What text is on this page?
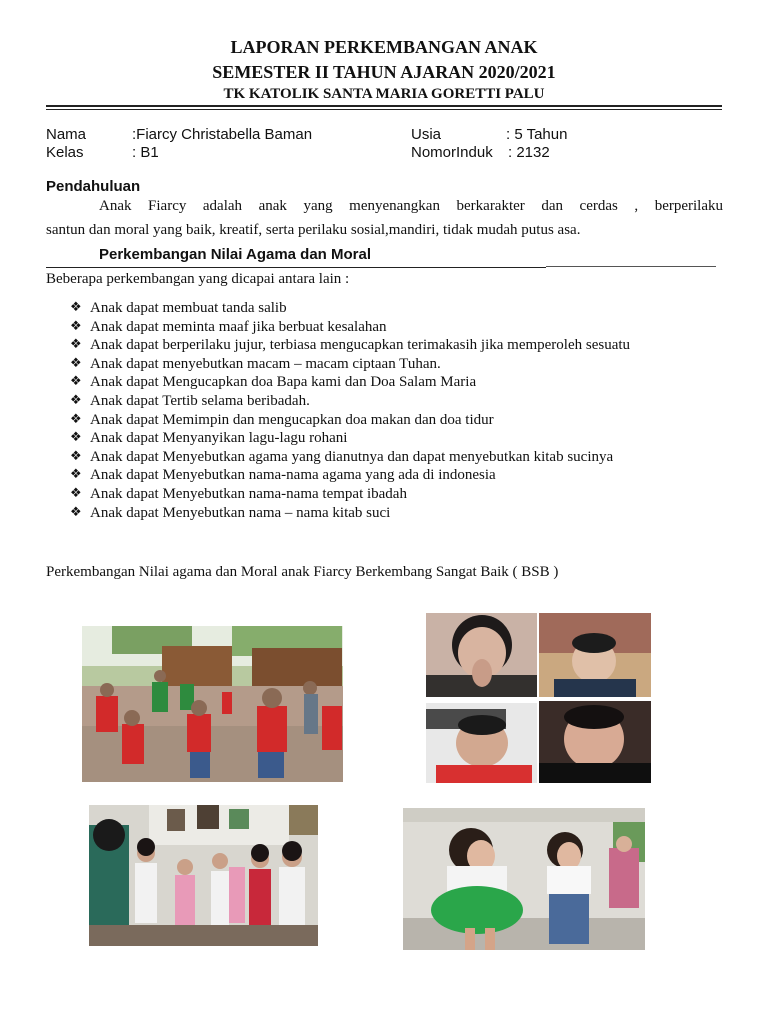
LAPORAN PERKEMBANGAN ANAK
SEMESTER II TAHUN AJARAN 2020/2021
TK KATOLIK SANTA MARIA GORETTI PALU
Nama	:Fiarcy Christabella Baman	Usia	: 5 Tahun
Kelas	: B1	NomorInduk : 2132
Pendahuluan
Anak Fiarcy adalah anak yang menyenangkan berkarakter dan cerdas , berperilaku
santun dan moral yang baik, kreatif, serta perilaku sosial,mandiri, tidak mudah putus asa.
Perkembangan Nilai Agama dan Moral
Beberapa perkembangan yang dicapai antara lain :
❖ Anak dapat membuat tanda salib
❖ Anak dapat meminta maaf jika berbuat kesalahan
❖ Anak dapat berperilaku jujur, terbiasa mengucapkan terimakasih jika memperoleh sesuatu
❖ Anak dapat menyebutkan macam – macam ciptaan Tuhan.
❖ Anak dapat Mengucapkan doa Bapa kami dan Doa Salam Maria
❖ Anak dapat Tertib selama beribadah.
❖ Anak dapat Memimpin dan mengucapkan doa makan dan doa tidur
❖ Anak dapat Menyanyikan lagu-lagu rohani
❖ Anak dapat Menyebutkan agama yang dianutnya dan dapat menyebutkan kitab sucinya
❖ Anak dapat Menyebutkan nama-nama agama yang ada di indonesia
❖ Anak dapat Menyebutkan nama-nama tempat ibadah
❖ Anak dapat Menyebutkan nama – nama kitab suci
Perkembangan Nilai agama dan Moral anak Fiarcy Berkembang Sangat Baik ( BSB )
